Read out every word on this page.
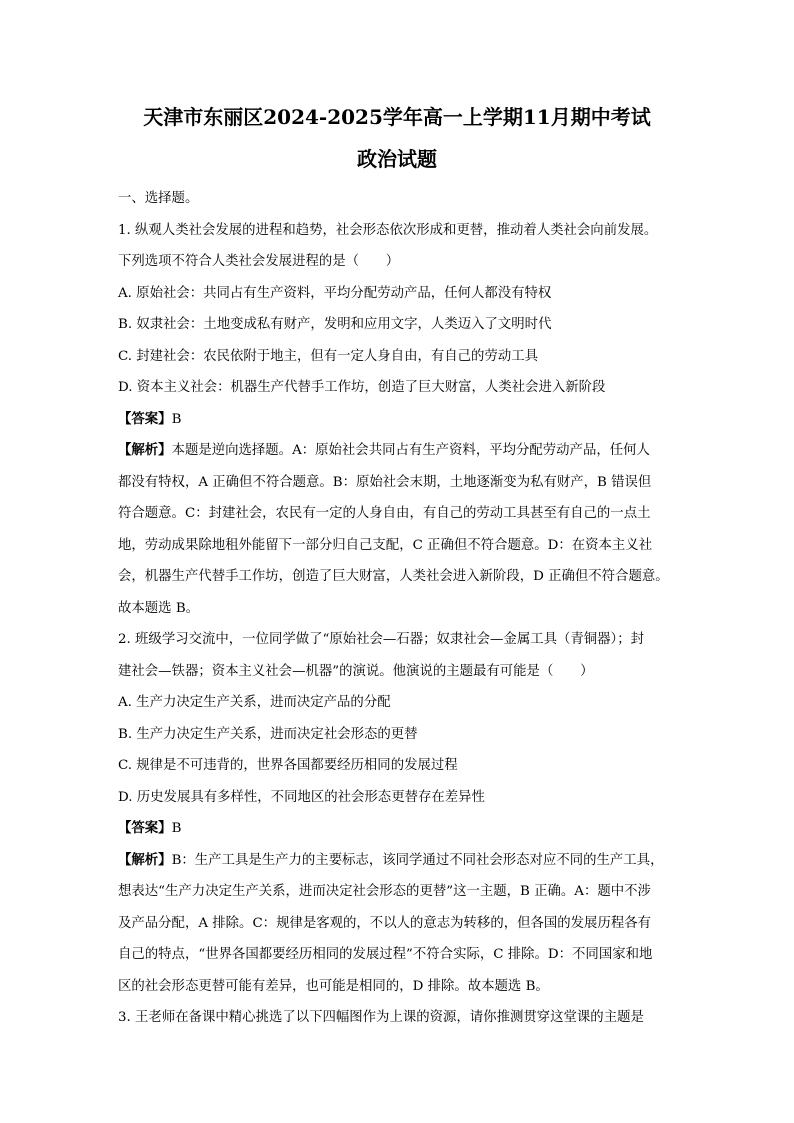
天津市东丽区2024-2025学年高一上学期11月期中考试
政治试题
一、选择题。
1. 纵观人类社会发展的进程和趋势，社会形态依次形成和更替，推动着人类社会向前发展。
下列选项不符合人类社会发展进程的是（　　）
A. 原始社会：共同占有生产资料，平均分配劳动产品，任何人都没有特权
B. 奴隶社会：土地变成私有财产，发明和应用文字，人类迈入了文明时代
C. 封建社会：农民依附于地主，但有一定人身自由，有自己的劳动工具
D. 资本主义社会：机器生产代替手工作坊，创造了巨大财富，人类社会进入新阶段
【答案】B
【解析】本题是逆向选择题。A：原始社会共同占有生产资料，平均分配劳动产品，任何人
都没有特权，A 正确但不符合题意。B：原始社会末期，土地逐渐变为私有财产，B 错误但
符合题意。C：封建社会，农民有一定的人身自由，有自己的劳动工具甚至有自己的一点土
地，劳动成果除地租外能留下一部分归自己支配，C 正确但不符合题意。D：在资本主义社
会，机器生产代替手工作坊，创造了巨大财富，人类社会进入新阶段，D 正确但不符合题意。
故本题选 B。
2. 班级学习交流中，一位同学做了“原始社会—石器；奴隶社会—金属工具（青铜器）；封
建社会—铁器；资本主义社会—机器”的演说。他演说的主题最有可能是（　　）
A. 生产力决定生产关系，进而决定产品的分配
B. 生产力决定生产关系，进而决定社会形态的更替
C. 规律是不可违背的，世界各国都要经历相同的发展过程
D. 历史发展具有多样性，不同地区的社会形态更替存在差异性
【答案】B
【解析】B：生产工具是生产力的主要标志，该同学通过不同社会形态对应不同的生产工具，
想表达“生产力决定生产关系，进而决定社会形态的更替”这一主题，B 正确。A：题中不涉
及产品分配，A 排除。C：规律是客观的，不以人的意志为转移的，但各国的发展历程各有
自己的特点，“世界各国都要经历相同的发展过程”不符合实际，C 排除。D：不同国家和地
区的社会形态更替可能有差异，也可能是相同的，D 排除。故本题选 B。
3. 王老师在备课中精心挑选了以下四幅图作为上课的资源，请你推测贯穿这堂课的主题是
